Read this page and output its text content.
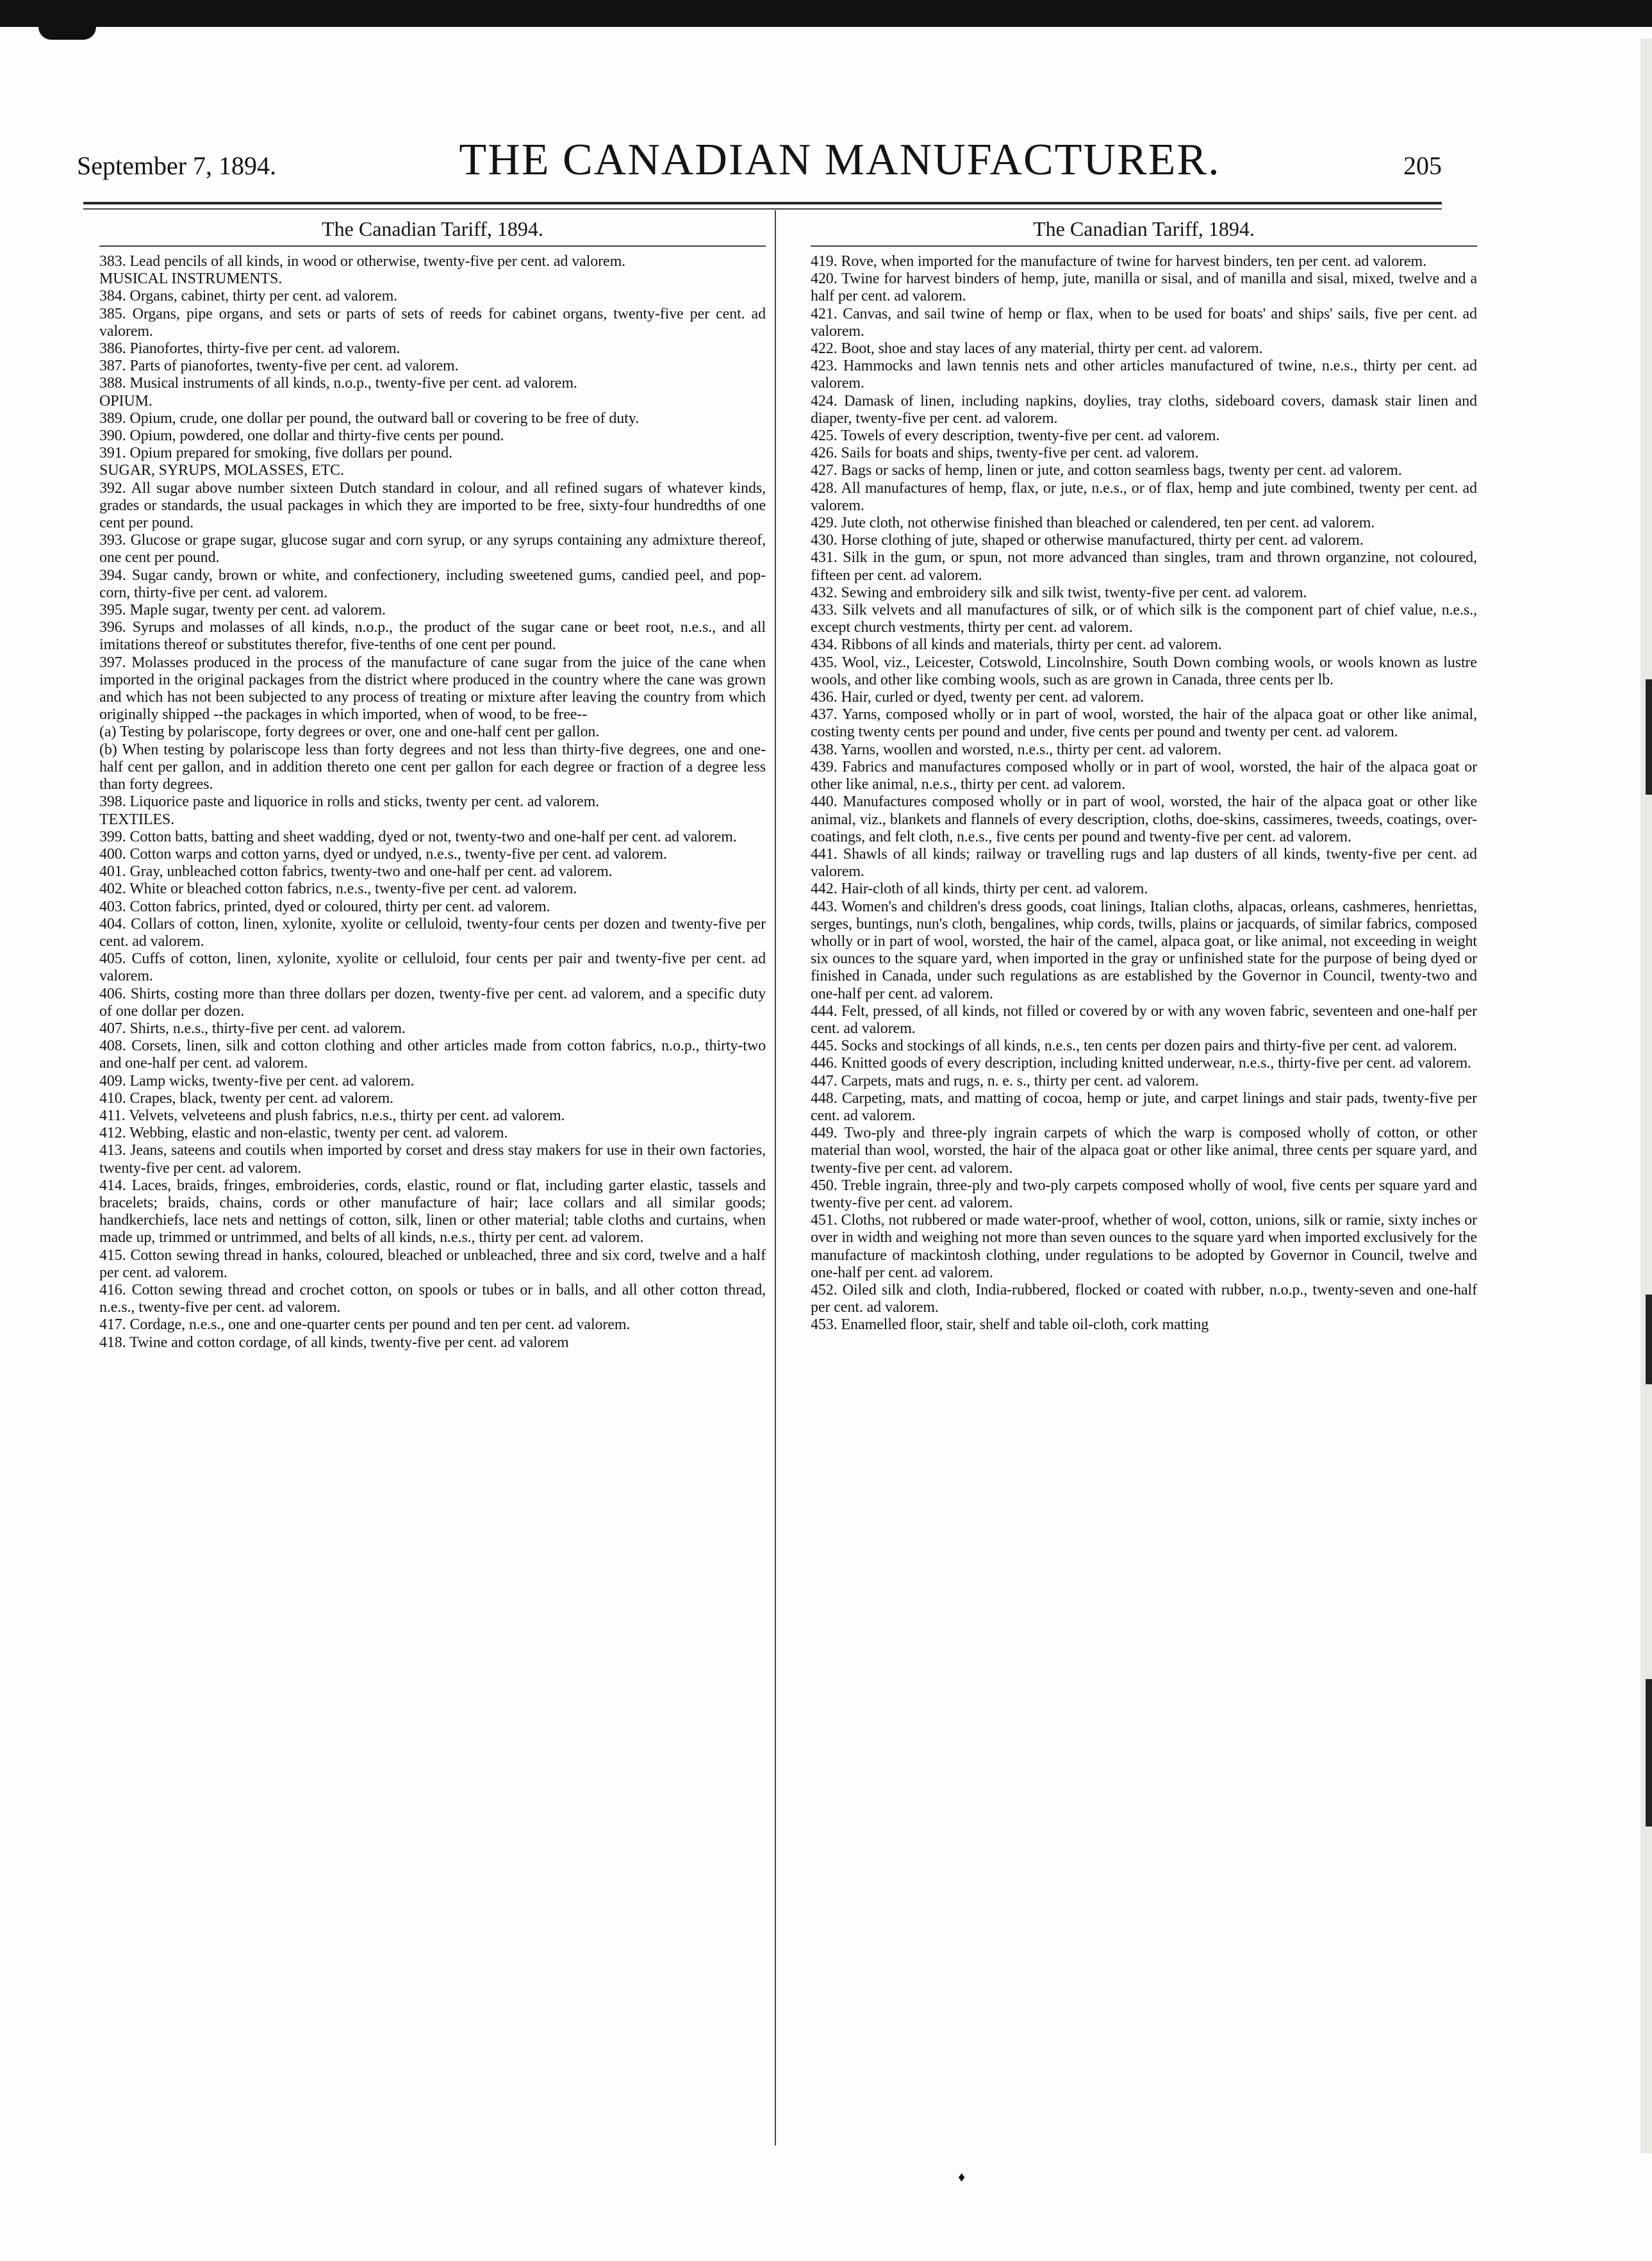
September 7, 1894.	THE CANADIAN MANUFACTURER.	205
The Canadian Tariff, 1894.
383. Lead pencils of all kinds, in wood or otherwise, twenty-five per cent. ad valorem.
MUSICAL INSTRUMENTS.
384. Organs, cabinet, thirty per cent. ad valorem.
385. Organs, pipe organs, and sets or parts of sets of reeds for cabinet organs, twenty-five per cent. ad valorem.
386. Pianofortes, thirty-five per cent. ad valorem.
387. Parts of pianofortes, twenty-five per cent. ad valorem.
388. Musical instruments of all kinds, n.o.p., twenty-five per cent. ad valorem.
OPIUM.
389. Opium, crude, one dollar per pound, the outward ball or covering to be free of duty.
390. Opium, powdered, one dollar and thirty-five cents per pound.
391. Opium prepared for smoking, five dollars per pound.
SUGAR, SYRUPS, MOLASSES, ETC.
392. All sugar above number sixteen Dutch standard in colour, and all refined sugars of whatever kinds, grades or standards, the usual packages in which they are imported to be free, sixty-four hundredths of one cent per pound.
393. Glucose or grape sugar, glucose sugar and corn syrup, or any syrups containing any admixture thereof, one cent per pound.
394. Sugar candy, brown or white, and confectionery, including sweetened gums, candied peel, and pop-corn, thirty-five per cent. ad valorem.
395. Maple sugar, twenty per cent. ad valorem.
396. Syrups and molasses of all kinds, n.o.p., the product of the sugar cane or beet root, n.e.s., and all imitations thereof or substitutes therefor, five-tenths of one cent per pound.
397. Molasses produced in the process of the manufacture of cane sugar from the juice of the cane when imported in the original packages from the district where produced in the country where the cane was grown and which has not been subjected to any process of treating or mixture after leaving the country from which originally shipped --the packages in which imported, when of wood, to be free--
(a) Testing by polariscope, forty degrees or over, one and one-half cent per gallon.
(b) When testing by polariscope less than forty degrees and not less than thirty-five degrees, one and one-half cent per gallon, and in addition thereto one cent per gallon for each degree or fraction of a degree less than forty degrees.
398. Liquorice paste and liquorice in rolls and sticks, twenty per cent. ad valorem.
TEXTILES.
399. Cotton batts, batting and sheet wadding, dyed or not, twenty-two and one-half per cent. ad valorem.
400. Cotton warps and cotton yarns, dyed or undyed, n.e.s., twenty-five per cent. ad valorem.
401. Gray, unbleached cotton fabrics, twenty-two and one-half per cent. ad valorem.
402. White or bleached cotton fabrics, n.e.s., twenty-five per cent. ad valorem.
403. Cotton fabrics, printed, dyed or coloured, thirty per cent. ad valorem.
404. Collars of cotton, linen, xylonite, xyolite or celluloid, twenty-four cents per dozen and twenty-five per cent. ad valorem.
405. Cuffs of cotton, linen, xylonite, xyolite or celluloid, four cents per pair and twenty-five per cent. ad valorem.
406. Shirts, costing more than three dollars per dozen, twenty-five per cent. ad valorem, and a specific duty of one dollar per dozen.
407. Shirts, n.e.s., thirty-five per cent. ad valorem.
408. Corsets, linen, silk and cotton clothing and other articles made from cotton fabrics, n.o.p., thirty-two and one-half per cent. ad valorem.
409. Lamp wicks, twenty-five per cent. ad valorem.
410. Crapes, black, twenty per cent. ad valorem.
411. Velvets, velveteens and plush fabrics, n.e.s., thirty per cent. ad valorem.
412. Webbing, elastic and non-elastic, twenty per cent. ad valorem.
413. Jeans, sateens and coutils when imported by corset and dress stay makers for use in their own factories, twenty-five per cent. ad valorem.
414. Laces, braids, fringes, embroideries, cords, elastic, round or flat, including garter elastic, tassels and bracelets; braids, chains, cords or other manufacture of hair; lace collars and all similar goods; handkerchiefs, lace nets and nettings of cotton, silk, linen or other material; table cloths and curtains, when made up, trimmed or untrimmed, and belts of all kinds, n.e.s., thirty per cent. ad valorem.
415. Cotton sewing thread in hanks, coloured, bleached or unbleached, three and six cord, twelve and a half per cent. ad valorem.
416. Cotton sewing thread and crochet cotton, on spools or tubes or in balls, and all other cotton thread, n.e.s., twenty-five per cent. ad valorem.
417. Cordage, n.e.s., one and one-quarter cents per pound and ten per cent. ad valorem.
418. Twine and cotton cordage, of all kinds, twenty-five per cent. ad valorem
The Canadian Tariff, 1894.
419. Rove, when imported for the manufacture of twine for harvest binders, ten per cent. ad valorem.
420. Twine for harvest binders of hemp, jute, manilla or sisal, and of manilla and sisal, mixed, twelve and a half per cent. ad valorem.
421. Canvas, and sail twine of hemp or flax, when to be used for boats' and ships' sails, five per cent. ad valorem.
422. Boot, shoe and stay laces of any material, thirty per cent. ad valorem.
423. Hammocks and lawn tennis nets and other articles manufactured of twine, n.e.s., thirty per cent. ad valorem.
424. Damask of linen, including napkins, doylies, tray cloths, sideboard covers, damask stair linen and diaper, twenty-five per cent. ad valorem.
425. Towels of every description, twenty-five per cent. ad valorem.
426. Sails for boats and ships, twenty-five per cent. ad valorem.
427. Bags or sacks of hemp, linen or jute, and cotton seamless bags, twenty per cent. ad valorem.
428. All manufactures of hemp, flax, or jute, n.e.s., or of flax, hemp and jute combined, twenty per cent. ad valorem.
429. Jute cloth, not otherwise finished than bleached or calendered, ten per cent. ad valorem.
430. Horse clothing of jute, shaped or otherwise manufactured, thirty per cent. ad valorem.
431. Silk in the gum, or spun, not more advanced than singles, tram and thrown organzine, not coloured, fifteen per cent. ad valorem.
432. Sewing and embroidery silk and silk twist, twenty-five per cent. ad valorem.
433. Silk velvets and all manufactures of silk, or of which silk is the component part of chief value, n.e.s., except church vestments, thirty per cent. ad valorem.
434. Ribbons of all kinds and materials, thirty per cent. ad valorem.
435. Wool, viz., Leicester, Cotswold, Lincolnshire, South Down combing wools, or wools known as lustre wools, and other like combing wools, such as are grown in Canada, three cents per lb.
436. Hair, curled or dyed, twenty per cent. ad valorem.
437. Yarns, composed wholly or in part of wool, worsted, the hair of the alpaca goat or other like animal, costing twenty cents per pound and under, five cents per pound and twenty per cent. ad valorem.
438. Yarns, woollen and worsted, n.e.s., thirty per cent. ad valorem.
439. Fabrics and manufactures composed wholly or in part of wool, worsted, the hair of the alpaca goat or other like animal, n.e.s., thirty per cent. ad valorem.
440. Manufactures composed wholly or in part of wool, worsted, the hair of the alpaca goat or other like animal, viz., blankets and flannels of every description, cloths, doe-skins, cassimeres, tweeds, coatings, over-coatings, and felt cloth, n.e.s., five cents per pound and twenty-five per cent. ad valorem.
441. Shawls of all kinds; railway or travelling rugs and lap dusters of all kinds, twenty-five per cent. ad valorem.
442. Hair-cloth of all kinds, thirty per cent. ad valorem.
443. Women's and children's dress goods, coat linings, Italian cloths, alpacas, orleans, cashmeres, henriettas, serges, buntings, nun's cloth, bengalines, whip cords, twills, plains or jacquards, of similar fabrics, composed wholly or in part of wool, worsted, the hair of the camel, alpaca goat, or like animal, not exceeding in weight six ounces to the square yard, when imported in the gray or unfinished state for the purpose of being dyed or finished in Canada, under such regulations as are established by the Governor in Council, twenty-two and one-half per cent. ad valorem.
444. Felt, pressed, of all kinds, not filled or covered by or with any woven fabric, seventeen and one-half per cent. ad valorem.
445. Socks and stockings of all kinds, n.e.s., ten cents per dozen pairs and thirty-five per cent. ad valorem.
446. Knitted goods of every description, including knitted underwear, n.e.s., thirty-five per cent. ad valorem.
447. Carpets, mats and rugs, n. e. s., thirty per cent. ad valorem.
448. Carpeting, mats, and matting of cocoa, hemp or jute, and carpet linings and stair pads, twenty-five per cent. ad valorem.
449. Two-ply and three-ply ingrain carpets of which the warp is composed wholly of cotton, or other material than wool, worsted, the hair of the alpaca goat or other like animal, three cents per square yard, and twenty-five per cent. ad valorem.
450. Treble ingrain, three-ply and two-ply carpets composed wholly of wool, five cents per square yard and twenty-five per cent. ad valorem.
451. Cloths, not rubbered or made water-proof, whether of wool, cotton, unions, silk or ramie, sixty inches or over in width and weighing not more than seven ounces to the square yard when imported exclusively for the manufacture of mackintosh clothing, under regulations to be adopted by Governor in Council, twelve and one-half per cent. ad valorem.
452. Oiled silk and cloth, India-rubbered, flocked or coated with rubber, n.o.p., twenty-seven and one-half per cent. ad valorem.
453. Enamelled floor, stair, shelf and table oil-cloth, cork matting
♦
